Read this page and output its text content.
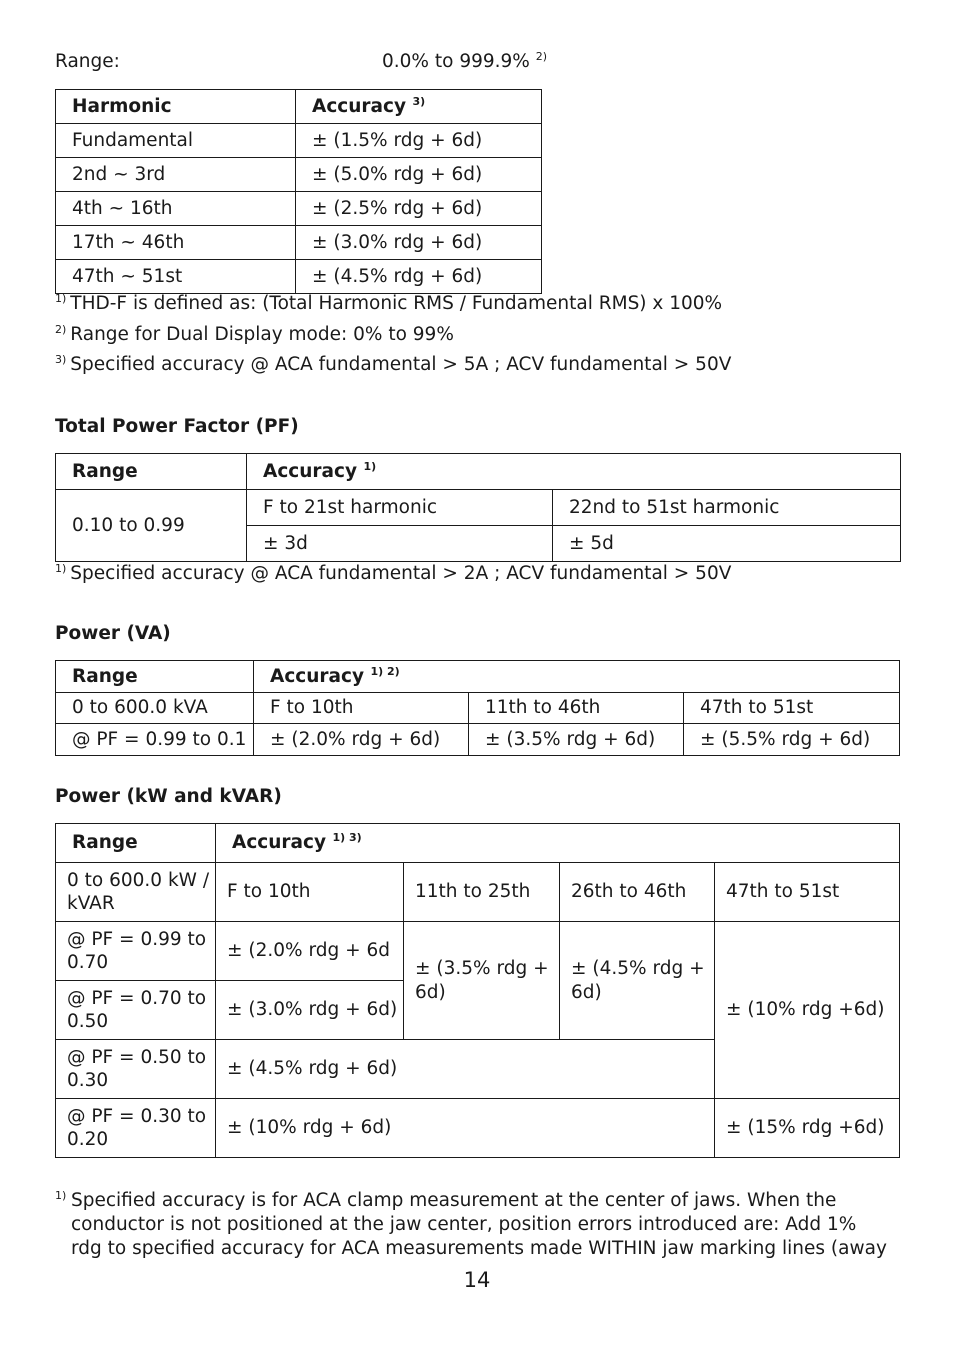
Range:	0.0% to 999.9% $^{2)}$
Harmonic	Accuracy $^{3)}$
Fundamental	± (1.5% rdg + 6d)
2nd ~ 3rd	± (5.0% rdg + 6d)
4th ~ 16th	± (2.5% rdg + 6d)
17th ~ 46th	± (3.0% rdg + 6d)
47th ~ 51st	± (4.5% rdg + 6d)
$^{1)}$ THD-F is defined as: (Total Harmonic RMS / Fundamental RMS) x 100%
$^{2)}$ Range for Dual Display mode: 0% to 99%
$^{3)}$ Specified accuracy @ ACA fundamental > 5A ; ACV fundamental > 50V
Total Power Factor (PF)
Range	Accuracy $^{1)}$
0.10 to 0.99	F to 21st harmonic	22nd to 51st harmonic
	± 3d	± 5d
$^{1)}$ Specified accuracy @ ACA fundamental > 2A ; ACV fundamental > 50V
Power (VA)
Range	Accuracy $^{1) 2)}$
0 to 600.0 kVA	F to 10th	11th to 46th	47th to 51st
@ PF = 0.99 to 0.1	± (2.0% rdg + 6d)	± (3.5% rdg + 6d)	± (5.5% rdg + 6d)
Power (kW and kVAR)
Range	Accuracy $^{1) 3)}$
0 to 600.0 kW / kVAR	F to 10th	11th to 25th	26th to 46th	47th to 51st
@ PF = 0.99 to 0.70	± (2.0% rdg + 6d	± (3.5% rdg + 6d)	± (4.5% rdg + 6d)	± (10% rdg +6d)
@ PF = 0.70 to 0.50	± (3.0% rdg + 6d)			
@ PF = 0.50 to 0.30	± (4.5% rdg + 6d)			
@ PF = 0.30 to 0.20	± (10% rdg + 6d)			± (15% rdg +6d)
1) Specified accuracy is for ACA clamp measurement at the center of jaws. When the
conductor is not positioned at the jaw center, position errors introduced are: Add 1%
rdg to specified accuracy for ACA measurements made WITHIN jaw marking lines (away
14
